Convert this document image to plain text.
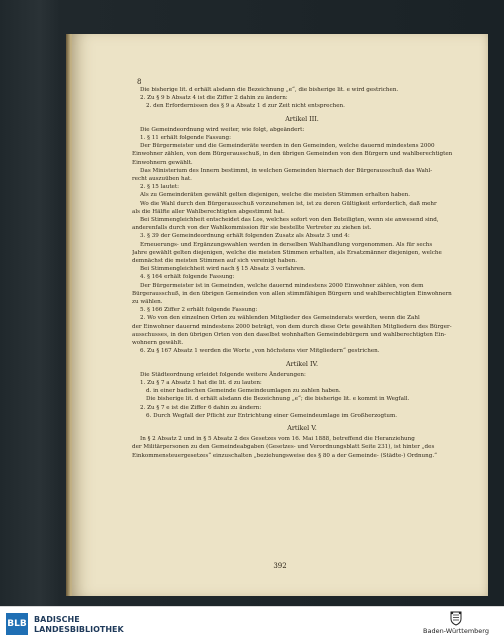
8
Die bisherige lit. d erhält alsdann die Bezeichnung „e“, die bisherige lit. e wird gestrichen.
2. Zu § 9 b Absatz 4 ist die Ziffer 2 dahin zu ändern:
2. den Erfordernissen des § 9 a Absatz 1 d zur Zeit nicht entsprechen.
Artikel III.
Die Gemeindeordnung wird weiter, wie folgt, abgeändert:
1. § 11 erhält folgende Fassung:
Der Bürgermeister und die Gemeinderäte werden in den Gemeinden, welche dauernd mindestens 2000
Einwohner zählen, von dem Bürgerausschuß, in den übrigen Gemeinden von den Bürgern und wahlberechtigten
Einwohnern gewählt.
Das Ministerium des Innern bestimmt, in welchen Gemeinden hiernach der Bürgerausschuß das Wahl-
recht auszuüben hat.
2. § 15 lautet:
Als zu Gemeinderäten gewählt gelten diejenigen, welche die meisten Stimmen erhalten haben.
Wo die Wahl durch den Bürgerausschuß vorzunehmen ist, ist zu deren Gültigkeit erforderlich, daß mehr
als die Hälfte aller Wahlberechtigten abgestimmt hat.
Bei Stimmengleichheit entscheidet das Los, welches sofort von den Beteiligten, wenn sie anwesend sind,
anderenfalls durch von der Wahlkommission für sie bestellte Vertreter zu ziehen ist.
3. § 39 der Gemeindeordnung erhält folgenden Zusatz als Absatz 3 und 4:
Erneuerungs- und Ergänzungswahlen werden in derselben Wahlhandlung vorgenommen. Als für sechs
Jahre gewählt gelten diejenigen, welche die meisten Stimmen erhalten, als Ersatzmänner diejenigen, welche
demnächst die meisten Stimmen auf sich vereinigt haben.
Bei Stimmengleichheit wird nach § 15 Absatz 3 verfahren.
4. § 164 erhält folgende Fassung:
Der Bürgermeister ist in Gemeinden, welche dauernd mindestens 2000 Einwohner zählen, von dem
Bürgerausschuß, in den übrigen Gemeinden von allen stimmfähigen Bürgern und wahlberechtigten Einwohnern
zu wählen.
5. § 166 Ziffer 2 erhält folgende Fassung:
2. Wo von den einzelnen Orten zu wählenden Mitglieder des Gemeinderats werden, wenn die Zahl
der Einwohner dauernd mindestens 2000 beträgt, von dem durch diese Orte gewählten Mitgliedern des Bürger-
ausschusses, in den übrigen Orten von den daselbst wohnhaften Gemeindebürgern und wahlberechtigten Ein-
wohnern gewählt.
6. Zu § 167 Absatz 1 werden die Worte „von höchstens vier Mitgliedern“ gestrichen.
Artikel IV.
Die Städteordnung erleidet folgende weitere Änderungen:
1. Zu § 7 a Absatz 1 hat die lit. d zu lauten:
d. in einer badischen Gemeinde Gemeindeumlagen zu zahlen haben.
Die bisherige lit. d erhält alsdann die Bezeichnung „e“; die bisherige lit. e kommt in Wegfall.
2. Zu § 7 e ist die Ziffer 6 dahin zu ändern:
6. Durch Wegfall der Pflicht zur Entrichtung einer Gemeindeumlage im Großherzogtum.
Artikel V.
In § 2 Absatz 2 und in § 5 Absatz 2 des Gesetzes vom 16. Mai 1888, betreffend die Heranziehung
der Militärpersonen zu den Gemeindeabgaben (Gesetzes- und Verordnungsblatt Seite 231), ist hinter „des
Einkommensteuergesetzes“ einzuschalten „beziehungsweise des § 80 a der Gemeinde- (Städte-) Ordnung.“
392
BLB BADISCHE
LANDESBIBLIOTHEK	Baden-Württemberg
